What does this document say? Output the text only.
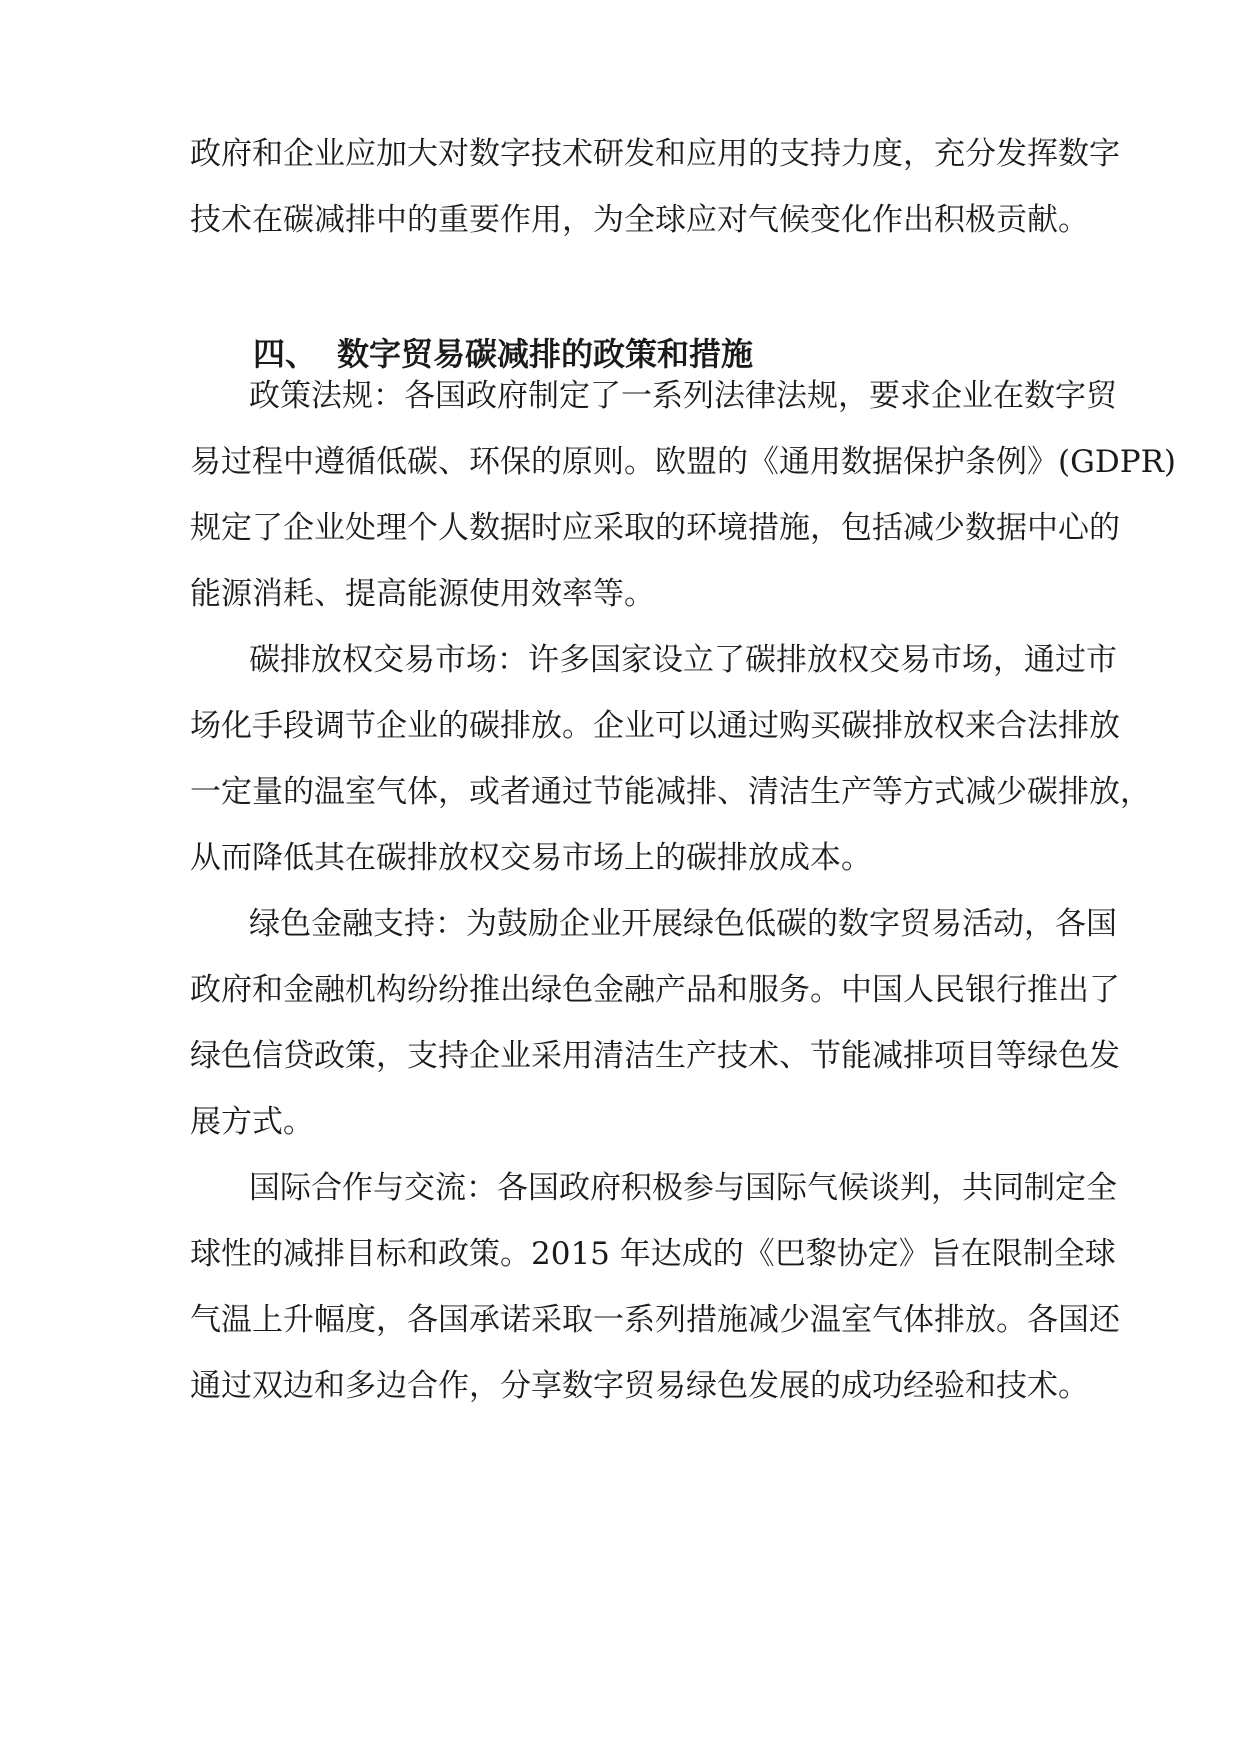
政府和企业应加大对数字技术研发和应用的支持力度，充分发挥数字

技术在碳减排中的重要作用，为全球应对气候变化作出积极贡献。

四、 数字贸易碳减排的政策和措施

政策法规：各国政府制定了一系列法律法规，要求企业在数字贸

易过程中遵循低碳、环保的原则。欧盟的《通用数据保护条例》(GDPR)

规定了企业处理个人数据时应采取的环境措施，包括减少数据中心的

能源消耗、提高能源使用效率等。

碳排放权交易市场：许多国家设立了碳排放权交易市场，通过市

场化手段调节企业的碳排放。企业可以通过购买碳排放权来合法排放

一定量的温室气体，或者通过节能减排、清洁生产等方式减少碳排放，

从而降低其在碳排放权交易市场上的碳排放成本。

绿色金融支持：为鼓励企业开展绿色低碳的数字贸易活动，各国

政府和金融机构纷纷推出绿色金融产品和服务。中国人民银行推出了

绿色信贷政策，支持企业采用清洁生产技术、节能减排项目等绿色发

展方式。

国际合作与交流：各国政府积极参与国际气候谈判，共同制定全

球性的减排目标和政策。2015 年达成的《巴黎协定》旨在限制全球

气温上升幅度，各国承诺采取一系列措施减少温室气体排放。各国还

通过双边和多边合作，分享数字贸易绿色发展的成功经验和技术。
